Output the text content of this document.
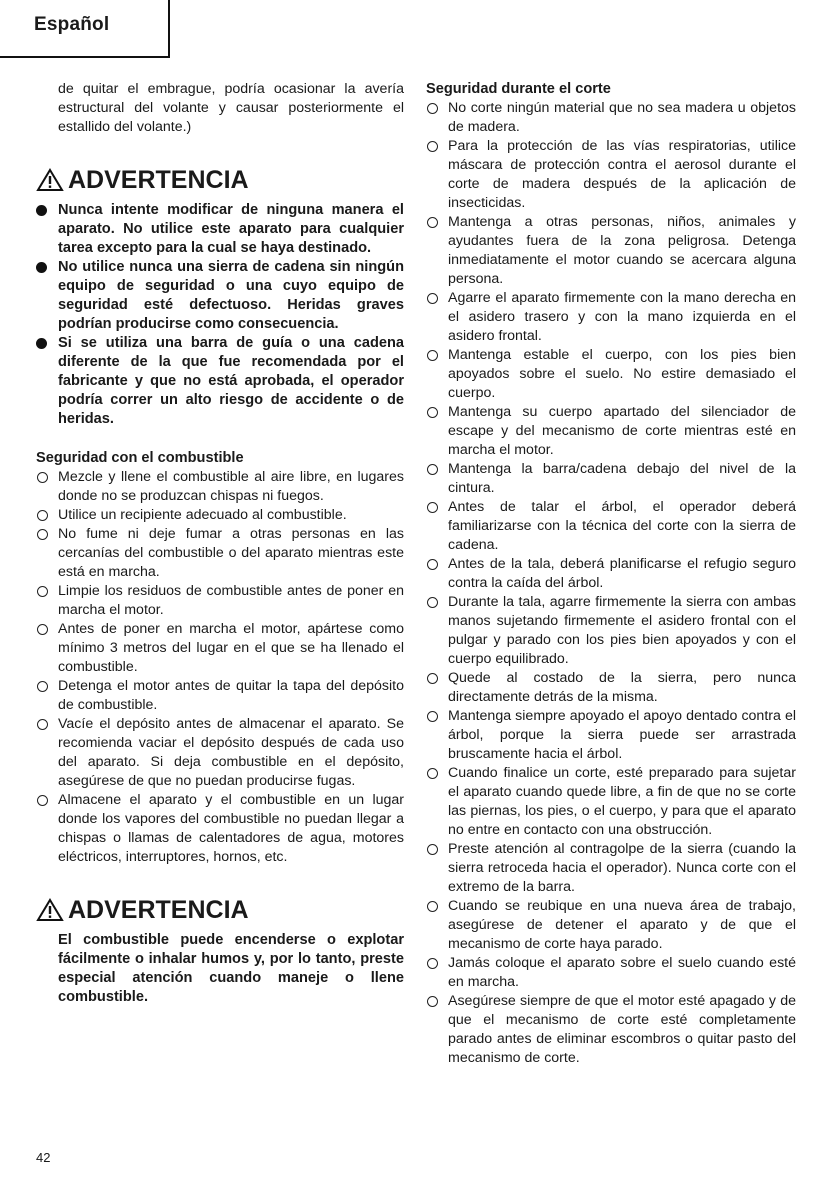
Español

de quitar el embrague, podría ocasionar la avería estructural del volante y causar posteriormente el estallido del volante.)

ADVERTENCIA
Nunca intente modificar de ninguna manera el aparato. No utilice este aparato para cualquier tarea excepto para la cual se haya destinado.
No utilice nunca una sierra de cadena sin ningún equipo de seguridad o una cuyo equipo de seguridad esté defectuoso. Heridas graves podrían producirse como consecuencia.
Si se utiliza una barra de guía o una cadena diferente de la que fue recomendada por el fabricante y que no está aprobada, el operador podría correr un alto riesgo de accidente o de heridas.
Seguridad con el combustible
Mezcle y llene el combustible al aire libre, en lugares donde no se produzcan chispas ni fuegos.
Utilice un recipiente adecuado al combustible.
No fume ni deje fumar a otras personas en las cercanías del combustible o del aparato mientras este está en marcha.
Limpie los residuos de combustible antes de poner en marcha el motor.
Antes de poner en marcha el motor, apártese como mínimo 3 metros del lugar en el que se ha llenado el combustible.
Detenga el motor antes de quitar la tapa del depósito de combustible.
Vacíe el depósito antes de almacenar el aparato. Se recomienda vaciar el depósito después de cada uso del aparato. Si deja combustible en el depósito, asegúrese de que no puedan producirse fugas.
Almacene el aparato y el combustible en un lugar donde los vapores del combustible no puedan llegar a chispas o llamas de calentadores de agua, motores eléctricos, interruptores, hornos, etc.
ADVERTENCIA

El combustible puede encenderse o explotar fácilmente o inhalar humos y, por lo tanto, preste especial atención cuando maneje o llene combustible.

Seguridad durante el corte
No corte ningún material que no sea madera u objetos de madera.
Para la protección de las vías respiratorias, utilice máscara de protección contra el aerosol durante el corte de madera después de la aplicación de insecticidas.
Mantenga a otras personas, niños, animales y ayudantes fuera de la zona peligrosa. Detenga inmediatamente el motor cuando se acercara alguna persona.
Agarre el aparato firmemente con la mano derecha en el asidero trasero y con la mano izquierda en el asidero frontal.
Mantenga estable el cuerpo, con los pies bien apoyados sobre el suelo. No estire demasiado el cuerpo.
Mantenga su cuerpo apartado del silenciador de escape y del mecanismo de corte mientras esté en marcha el motor.
Mantenga la barra/cadena debajo del nivel de la cintura.
Antes de talar el árbol, el operador deberá familiarizarse con la técnica del corte con la sierra de cadena.
Antes de la tala, deberá planificarse el refugio seguro contra la caída del árbol.
Durante la tala, agarre firmemente la sierra con ambas manos sujetando firmemente el asidero frontal con el pulgar y parado con los pies bien apoyados y con el cuerpo equilibrado.
Quede al costado de la sierra, pero nunca directamente detrás de la misma.
Mantenga siempre apoyado el apoyo dentado contra el árbol, porque la sierra puede ser arrastrada bruscamente hacia el árbol.
Cuando finalice un corte, esté preparado para sujetar el aparato cuando quede libre, a fin de que no se corte las piernas, los pies, o el cuerpo, y para que el aparato no entre en contacto con una obstrucción.
Preste atención al contragolpe de la sierra (cuando la sierra retroceda hacia el operador). Nunca corte con el extremo de la barra.
Cuando se reubique en una nueva área de trabajo, asegúrese de detener el aparato y de que el mecanismo de corte haya parado.
Jamás coloque el aparato sobre el suelo cuando esté en marcha.
Asegúrese siempre de que el motor esté apagado y de que el mecanismo de corte esté completamente parado antes de eliminar escombros o quitar pasto del mecanismo de corte.
42
